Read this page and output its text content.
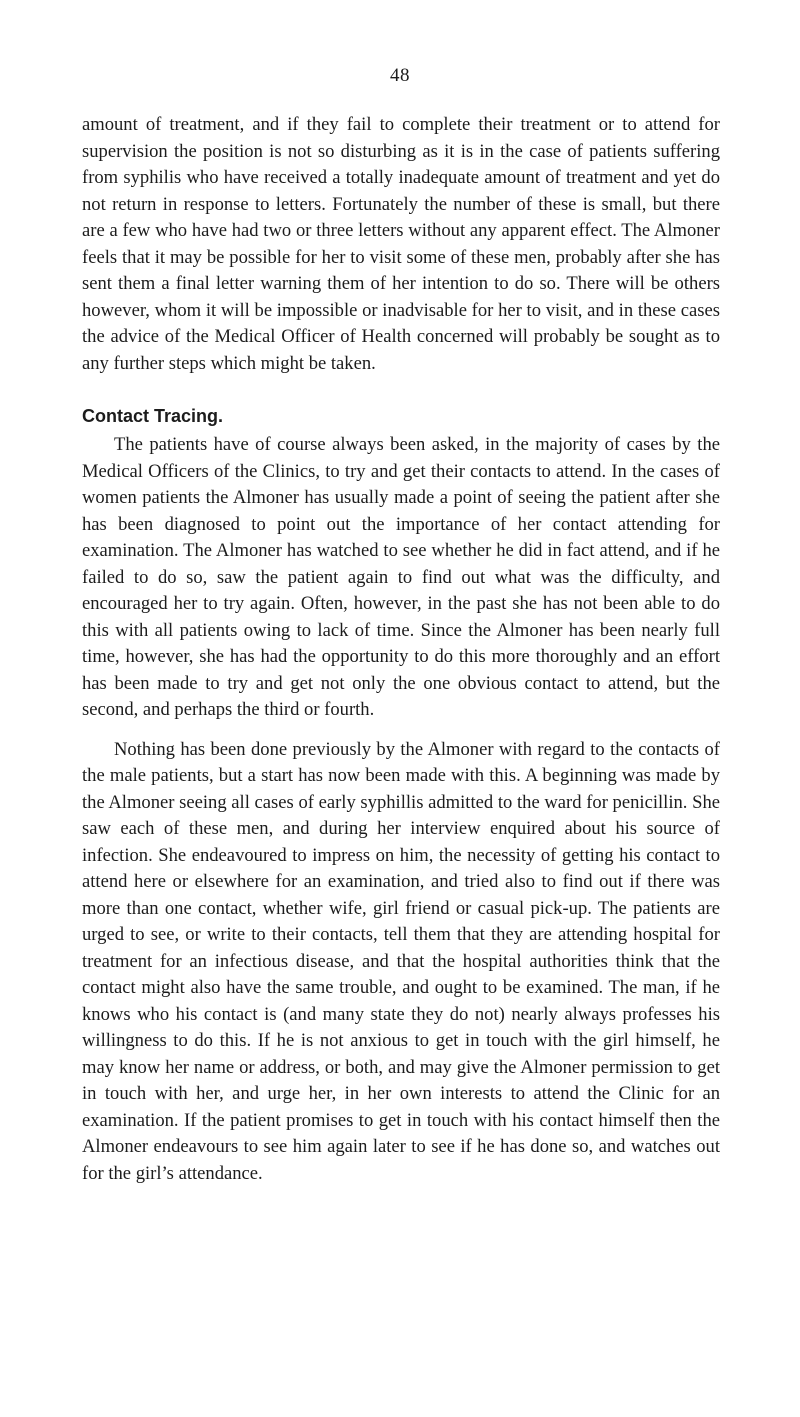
48

amount of treatment, and if they fail to complete their treatment or to attend for supervision the position is not so disturbing as it is in the case of patients suffering from syphilis who have received a totally inadequate amount of treatment and yet do not return in response to letters. Fortunately the number of these is small, but there are a few who have had two or three letters without any apparent effect. The Almoner feels that it may be possible for her to visit some of these men, probably after she has sent them a final letter warning them of her intention to do so. There will be others however, whom it will be impossible or inadvisable for her to visit, and in these cases the advice of the Medical Officer of Health concerned will probably be sought as to any further steps which might be taken.

Contact Tracing.

The patients have of course always been asked, in the majority of cases by the Medical Officers of the Clinics, to try and get their contacts to attend. In the cases of women patients the Almoner has usually made a point of seeing the patient after she has been diagnosed to point out the importance of her contact attending for examination. The Almoner has watched to see whether he did in fact attend, and if he failed to do so, saw the patient again to find out what was the difficulty, and encouraged her to try again. Often, however, in the past she has not been able to do this with all patients owing to lack of time. Since the Almoner has been nearly full time, however, she has had the opportunity to do this more thoroughly and an effort has been made to try and get not only the one obvious contact to attend, but the second, and perhaps the third or fourth.

Nothing has been done previously by the Almoner with regard to the contacts of the male patients, but a start has now been made with this. A beginning was made by the Almoner seeing all cases of early syphillis admitted to the ward for penicillin. She saw each of these men, and during her interview enquired about his source of infection. She endeavoured to impress on him, the necessity of getting his contact to attend here or elsewhere for an examination, and tried also to find out if there was more than one contact, whether wife, girl friend or casual pick-up. The patients are urged to see, or write to their contacts, tell them that they are attending hospital for treatment for an infectious disease, and that the hospital authorities think that the contact might also have the same trouble, and ought to be examined. The man, if he knows who his contact is (and many state they do not) nearly always professes his willingness to do this. If he is not anxious to get in touch with the girl himself, he may know her name or address, or both, and may give the Almoner permission to get in touch with her, and urge her, in her own interests to attend the Clinic for an examination. If the patient promises to get in touch with his contact himself then the Almoner endeavours to see him again later to see if he has done so, and watches out for the girl’s attendance.
